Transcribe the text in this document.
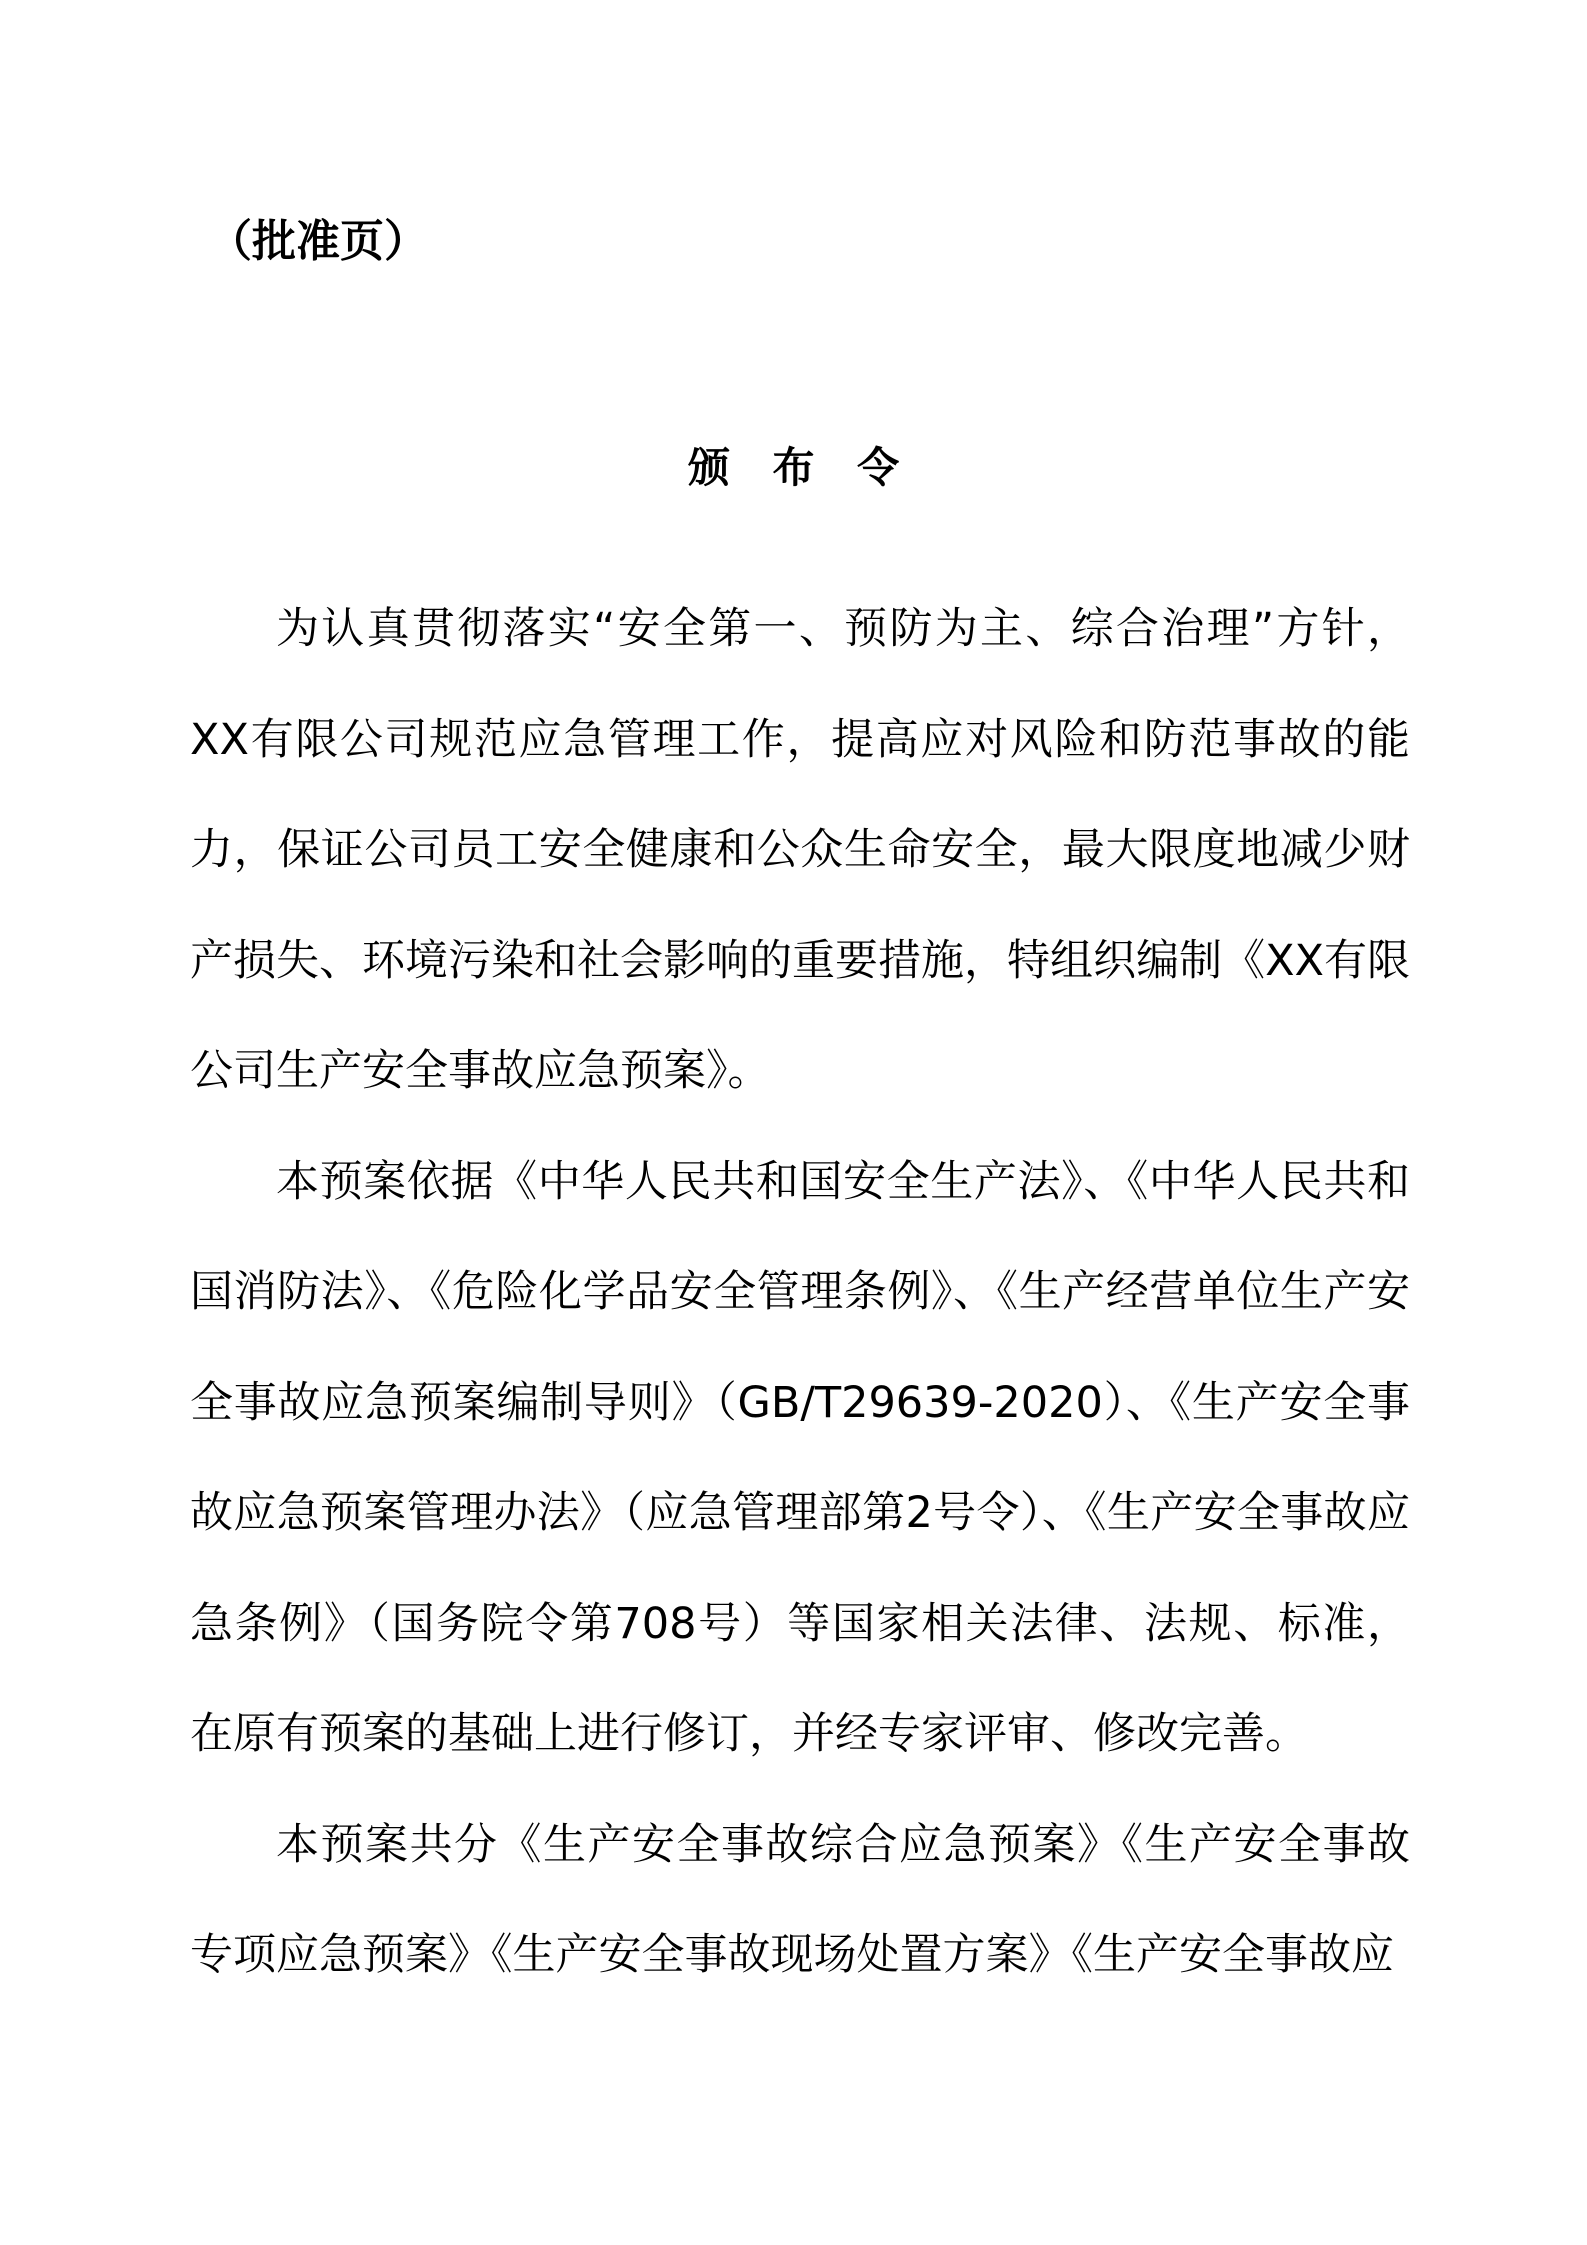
（批准页）
颁 布 令

为认真贯彻落实“安全第一、预防为主、综合治理”方针，XX有限公司规范应急管理工作，提高应对风险和防范事故的能力，保证公司员工安全健康和公众生命安全，最大限度地减少财产损失、环境污染和社会影响的重要措施，特组织编制《XX有限公司生产安全事故应急预案》。

本预案依据《中华人民共和国安全生产法》、《中华人民共和国消防法》、《危险化学品安全管理条例》、《生产经营单位生产安全事故应急预案编制导则》（GB/T29639-2020）、《生产安全事故应急预案管理办法》（应急管理部第2号令）、《生产安全事故应急条例》（国务院令第708号）等国家相关法律、法规、标准，在原有预案的基础上进行修订，并经专家评审、修改完善。

本预案共分《生产安全事故综合应急预案》《生产安全事故专项应急预案》《生产安全事故现场处置方案》《生产安全事故应
